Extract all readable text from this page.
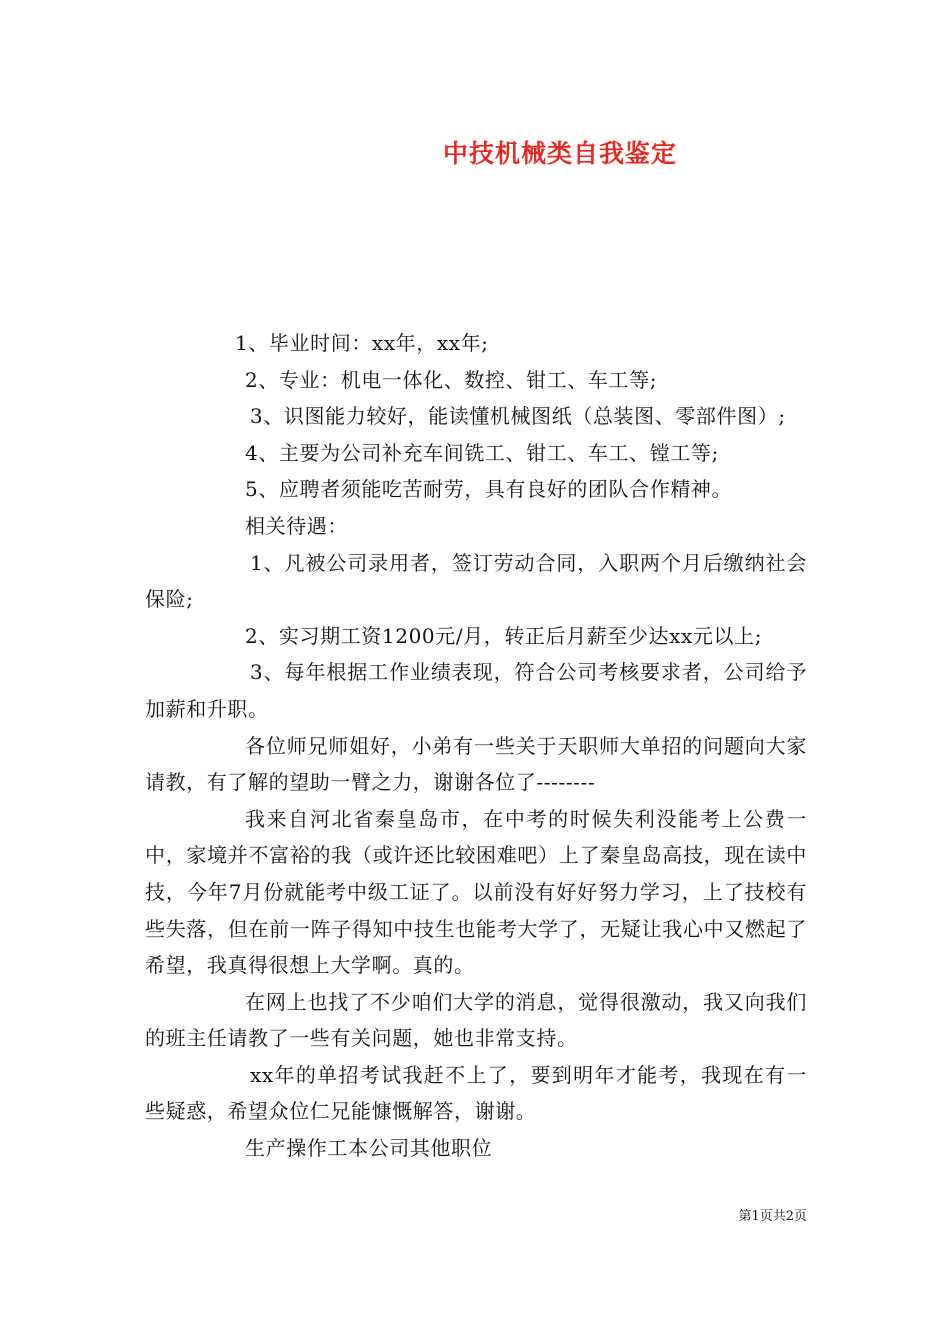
中技机械类自我鉴定

1、毕业时间：xx年，xx年;

2、专业：机电一体化、数控、钳工、车工等;

3、识图能力较好，能读懂机械图纸（总装图、零部件图）;

4、主要为公司补充车间铣工、钳工、车工、镗工等;

5、应聘者须能吃苦耐劳，具有良好的团队合作精神。

相关待遇：

1、凡被公司录用者，签订劳动合同，入职两个月后缴纳社会保险;

2、实习期工资1200元/月，转正后月薪至少达xx元以上;

3、每年根据工作业绩表现，符合公司考核要求者，公司给予加薪和升职。

各位师兄师姐好，小弟有一些关于天职师大单招的问题向大家请教，有了解的望助一臂之力，谢谢各位了--------

我来自河北省秦皇岛市，在中考的时候失利没能考上公费一中，家境并不富裕的我（或许还比较困难吧）上了秦皇岛高技，现在读中技，今年7月份就能考中级工证了。以前没有好好努力学习，上了技校有些失落，但在前一阵子得知中技生也能考大学了，无疑让我心中又燃起了希望，我真得很想上大学啊。真的。

在网上也找了不少咱们大学的消息，觉得很激动，我又向我们的班主任请教了一些有关问题，她也非常支持。

xx年的单招考试我赶不上了，要到明年才能考，我现在有一些疑惑，希望众位仁兄能慷慨解答，谢谢。

生产操作工本公司其他职位

第1页共2页
